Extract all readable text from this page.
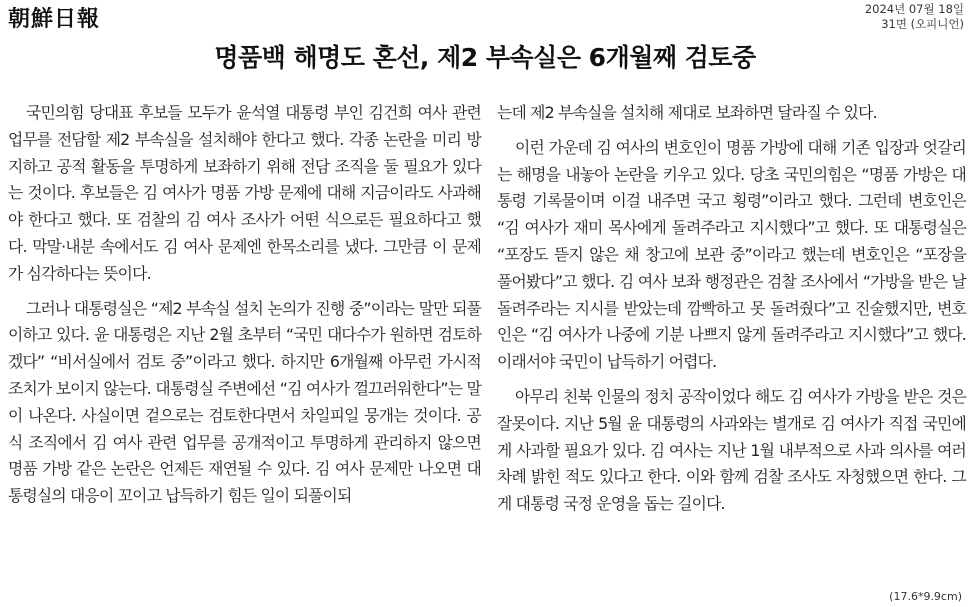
朝鮮日報	2024년 07월 18일
31면 (오피니언)
명품백 해명도 혼선, 제2 부속실은 6개월째 검토중

국민의힘 당대표 후보들 모두가 윤석열 대통령 부인 김건희 여사 관련 업무를 전담할 제2 부속실을 설치해야 한다고 했다. 각종 논란을 미리 방지하고 공적 활동을 투명하게 보좌하기 위해 전담 조직을 둘 필요가 있다는 것이다. 후보들은 김 여사가 명품 가방 문제에 대해 지금이라도 사과해야 한다고 했다. 또 검찰의 김 여사 조사가 어떤 식으로든 필요하다고 했다. 막말·내분 속에서도 김 여사 문제엔 한목소리를 냈다. 그만큼 이 문제가 심각하다는 뜻이다.

그러나 대통령실은 “제2 부속실 설치 논의가 진행 중”이라는 말만 되풀이하고 있다. 윤 대통령은 지난 2월 초부터 “국민 대다수가 원하면 검토하겠다” “비서실에서 검토 중”이라고 했다. 하지만 6개월째 아무런 가시적 조치가 보이지 않는다. 대통령실 주변에선 “김 여사가 껄끄러워한다”는 말이 나온다. 사실이면 겉으로는 검토한다면서 차일피일 뭉개는 것이다. 공식 조직에서 김 여사 관련 업무를 공개적이고 투명하게 관리하지 않으면 명품 가방 같은 논란은 언제든 재연될 수 있다. 김 여사 문제만 나오면 대통령실의 대응이 꼬이고 납득하기 힘든 일이 되풀이되

는데 제2 부속실을 설치해 제대로 보좌하면 달라질 수 있다.

이런 가운데 김 여사의 변호인이 명품 가방에 대해 기존 입장과 엇갈리는 해명을 내놓아 논란을 키우고 있다. 당초 국민의힘은 “명품 가방은 대통령 기록물이며 이걸 내주면 국고 횡령”이라고 했다. 그런데 변호인은 “김 여사가 재미 목사에게 돌려주라고 지시했다”고 했다. 또 대통령실은 “포장도 뜯지 않은 채 창고에 보관 중”이라고 했는데 변호인은 “포장을 풀어봤다”고 했다. 김 여사 보좌 행정관은 검찰 조사에서 “가방을 받은 날 돌려주라는 지시를 받았는데 깜빡하고 못 돌려줬다”고 진술했지만, 변호인은 “김 여사가 나중에 기분 나쁘지 않게 돌려주라고 지시했다”고 했다. 이래서야 국민이 납득하기 어렵다.

아무리 친북 인물의 정치 공작이었다 해도 김 여사가 가방을 받은 것은 잘못이다. 지난 5월 윤 대통령의 사과와는 별개로 김 여사가 직접 국민에게 사과할 필요가 있다. 김 여사는 지난 1월 내부적으로 사과 의사를 여러 차례 밝힌 적도 있다고 한다. 이와 함께 검찰 조사도 자청했으면 한다. 그게 대통령 국정 운영을 돕는 길이다.

(17.6*9.9cm)
